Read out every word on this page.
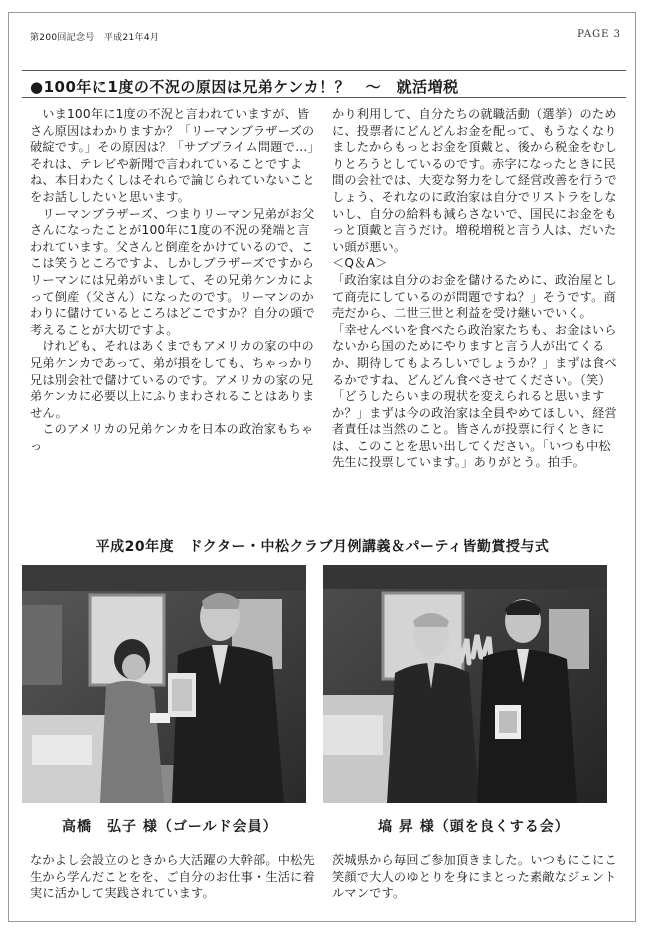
第200回記念号　平成21年4月	PAGE 3
●100年に1度の不況の原因は兄弟ケンカ！？　～　就活増税

いま100年に1度の不況と言われていますが、皆さん原因はわかりますか？「リーマンブラザーズの破綻です。」その原因は？「サブプライム問題で…」それは、テレビや新聞で言われていることですよね、本日わたくしはそれらで論じられていないことをお話ししたいと思います。

リーマンブラザーズ、つまりリーマン兄弟がお父さんになったことが100年に1度の不況の発端と言われています。父さんと倒産をかけているので、ここは笑うところですよ、しかしブラザーズですからリーマンには兄弟がいまして、その兄弟ケンカによって倒産（父さん）になったのです。リーマンのかわりに儲けているところはどこですか？自分の頭で考えることが大切ですよ。

けれども、それはあくまでもアメリカの家の中の兄弟ケンカであって、弟が損をしても、ちゃっかり兄は別会社で儲けているのです。アメリカの家の兄弟ケンカに必要以上にふりまわされることはありません。

このアメリカの兄弟ケンカを日本の政治家もちゃっ

かり利用して、自分たちの就職活動（選挙）のために、投票者にどんどんお金を配って、もうなくなりましたからもっとお金を頂戴と、後から税金をむしりとろうとしているのです。赤字になったときに民間の会社では、大変な努力をして経営改善を行うでしょう、それなのに政治家は自分でリストラをしないし、自分の給料も減らさないで、国民にお金をもっと頂戴と言うだけ。増税増税と言う人は、だいたい頭が悪い。

＜Q＆A＞

「政治家は自分のお金を儲けるために、政治屋として商売にしているのが問題ですね？」そうです。商売だから、二世三世と利益を受け継いでいく。

「幸せんべいを食べたら政治家たちも、お金はいらないから国のためにやりますと言う人が出てくるか、期待してもよろしいでしょうか？」まずは食べるかですね、どんどん食べさせてください。（笑）

「どうしたらいまの現状を変えられると思いますか？」まずは今の政治家は全員やめてほしい、経営者責任は当然のこと。皆さんが投票に行くときには、このことを思い出してください。「いつも中松先生に投票しています。」ありがとう。拍手。

平成20年度　ドクター・中松クラブ月例講義＆パーティ皆勤賞授与式
高橋　弘子 様（ゴールド会員）	塙 昇 様（頭を良くする会）
なかよし会設立のときから大活躍の大幹部。中松先生から学んだことをを、ご自分のお仕事・生活に着実に活かして実践されています。
茨城県から毎回ご参加頂きました。いつもにこにこ笑顔で大人のゆとりを身にまとった素敵なジェントルマンです。
